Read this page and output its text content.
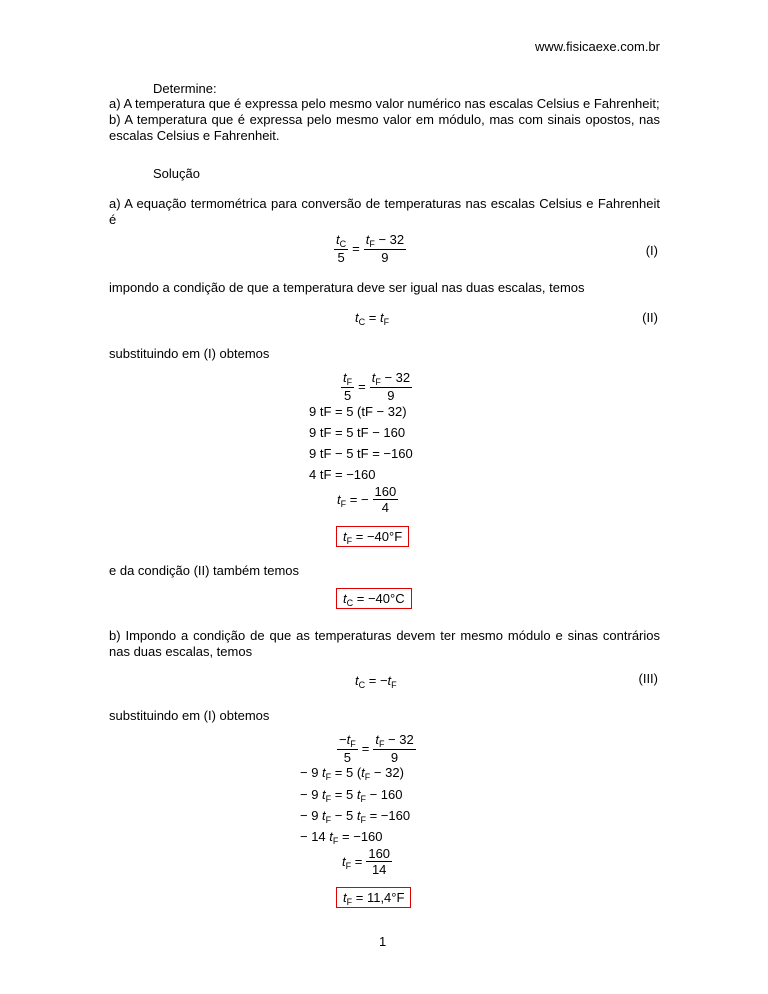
www.fisicaexe.com.br
Determine:
a) A temperatura que é expressa pelo mesmo valor numérico nas escalas Celsius e Fahrenheit;
b) A temperatura que é expressa pelo mesmo valor em módulo, mas com sinais opostos, nas escalas Celsius e Fahrenheit.
Solução
a) A equação termométrica para conversão de temperaturas nas escalas Celsius e Fahrenheit é
$\frac{t_C}{5} = \frac{t_F - 32}{9}$	(I)
impondo a condição de que a temperatura deve ser igual nas duas escalas, temos
$t_C = t_F$	(II)
substituindo em (I) obtemos
$\frac{t_F}{5} = \frac{t_F - 32}{9}$
9 tF = 5 (tF − 32)
9 tF = 5 tF − 160
9 tF − 5 tF = −160
4 tF = −160
$t_F$ = − $\frac{160}{4}$
$t_F = -40^\circ F$
e da condição (II) também temos
$t_C = -40^\circ C$
b) Impondo a condição de que as temperaturas devem ter mesmo módulo e sinas contrários nas duas escalas, temos
$t_C = -t_F$	(III)
substituindo em (I) obtemos
$\frac{-t_F}{5} = \frac{t_F - 32}{9}$
− 9 $t_F = 5$ $(t_F - 32)$
− 9 $t_F = 5$ $t_F - 160$
− 9 $t_F - 5$ $t_F = -160$
− 14 $t_F = -160$
$t_F = \frac{160}{14}$
$t_F = 11,4^\circ F$
1
